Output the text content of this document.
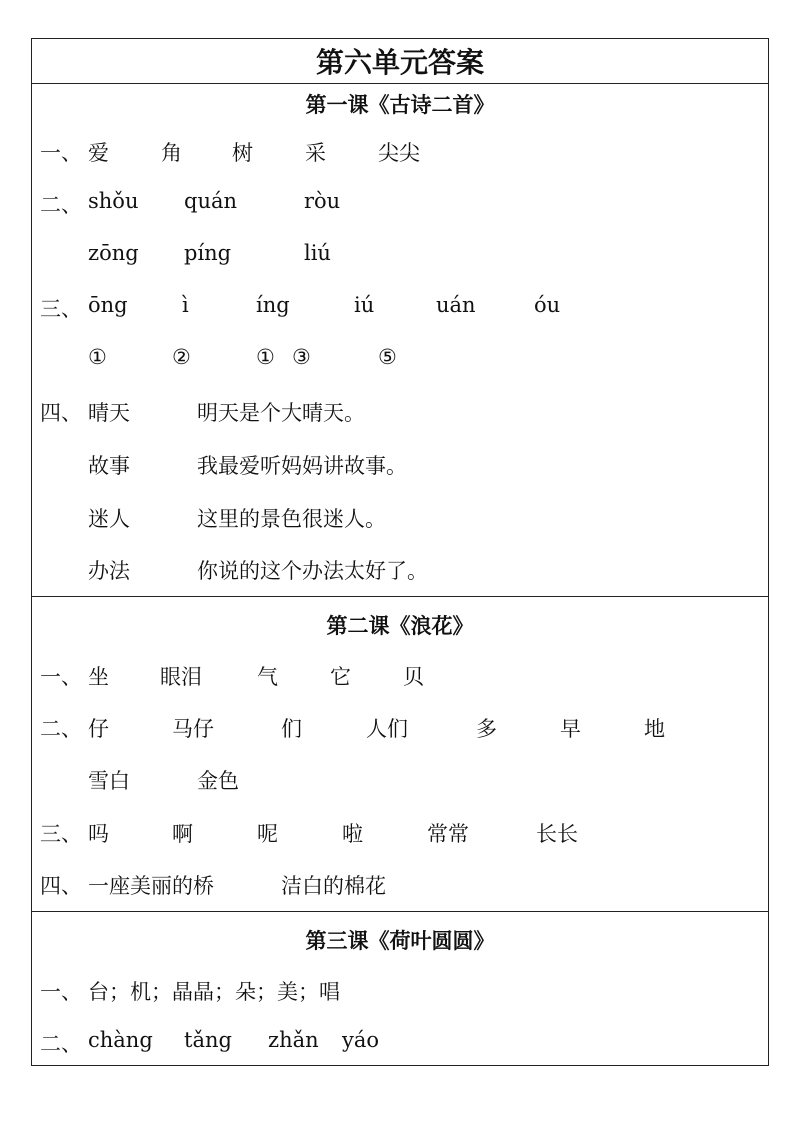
第六单元答案
第一课《古诗二首》
一、 爱 角 树 采 尖尖
二、 shǒu quán	ròu
zōng píng	liú
三、 ōng	ì	íng	iú	uán	óu
①	②	① ③	⑤
四、 晴天	明天是个大晴天。
故事	我最爱听妈妈讲故事。
迷人	这里的景色很迷人。
办法	你说的这个办法太好了。
第二课《浪花》
一、 坐 眼泪	气 它 贝
二、 仔	马仔	们	人们	多	早	地
雪白	金色
三、 吗	啊	呢	啦	常常	长长
四、 一座美丽的桥	洁白的棉花
第三课《荷叶圆圆》
一、 台；机；晶晶；朵；美；唱
二、 chàng tǎng zhǎn yáo
